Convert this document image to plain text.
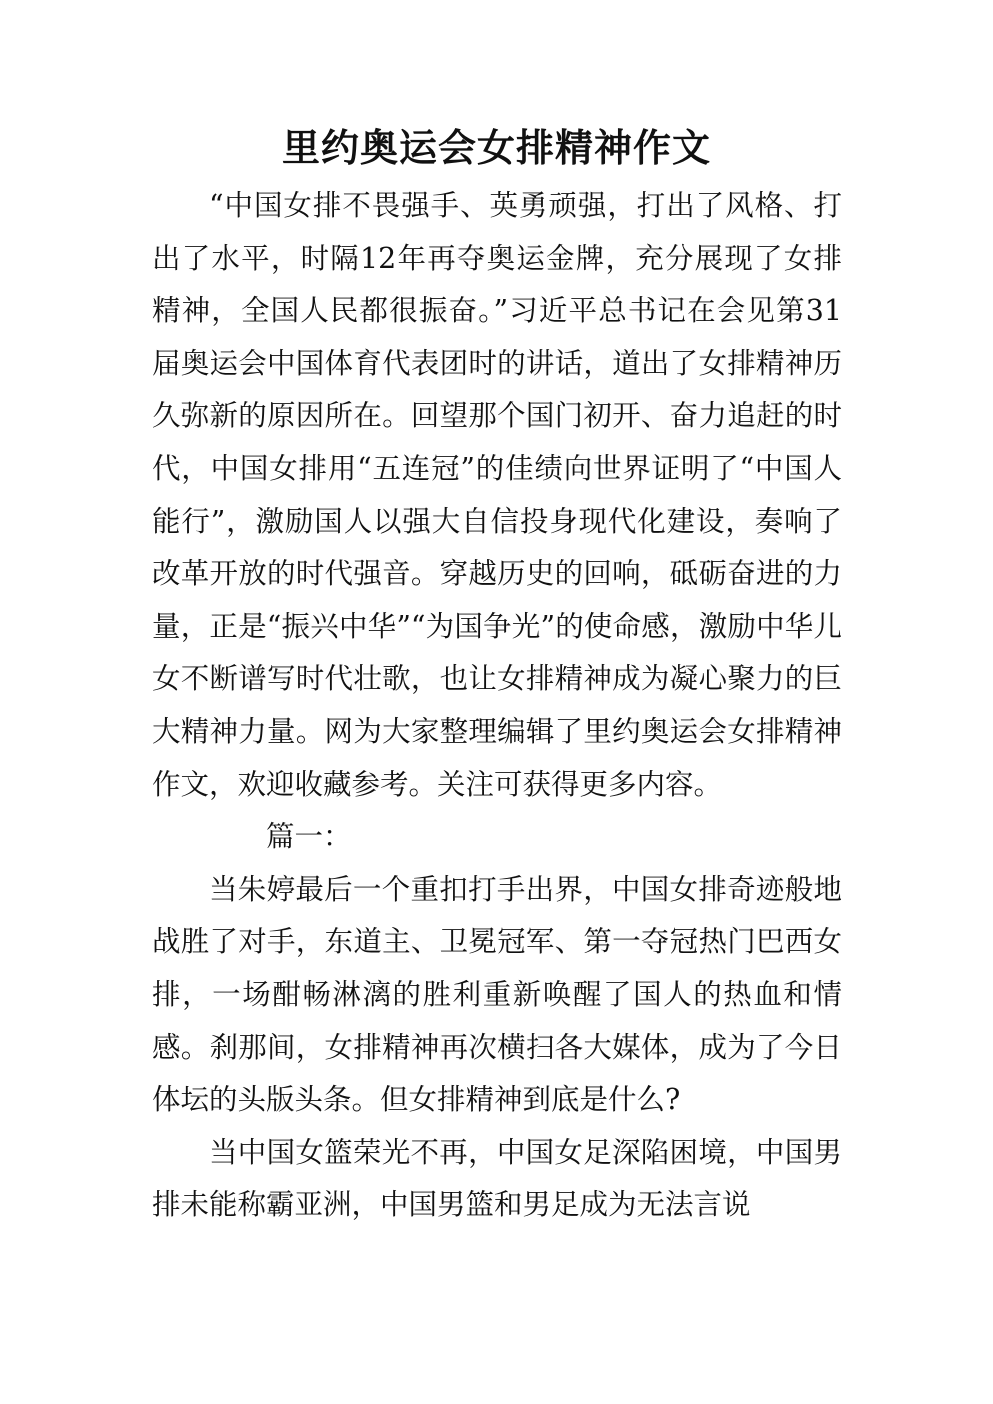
里约奥运会女排精神作文

“中国女排不畏强手、英勇顽强，打出了风格、打出了水平，时隔12年再夺奥运金牌，充分展现了女排精神，全国人民都很振奋。”习近平总书记在会见第31届奥运会中国体育代表团时的讲话，道出了女排精神历久弥新的原因所在。回望那个国门初开、奋力追赶的时代，中国女排用“五连冠”的佳绩向世界证明了“中国人能行”，激励国人以强大自信投身现代化建设，奏响了改革开放的时代强音。穿越历史的回响，砥砺奋进的力量，正是“振兴中华”“为国争光”的使命感，激励中华儿女不断谱写时代壮歌，也让女排精神成为凝心聚力的巨大精神力量。网为大家整理编辑了里约奥运会女排精神作文，欢迎收藏参考。关注可获得更多内容。

篇一：

当朱婷最后一个重扣打手出界，中国女排奇迹般地战胜了对手，东道主、卫冕冠军、第一夺冠热门巴西女排，一场酣畅淋漓的胜利重新唤醒了国人的热血和情感。刹那间，女排精神再次横扫各大媒体，成为了今日体坛的头版头条。但女排精神到底是什么?

当中国女篮荣光不再，中国女足深陷困境，中国男排未能称霸亚洲，中国男篮和男足成为无法言说
